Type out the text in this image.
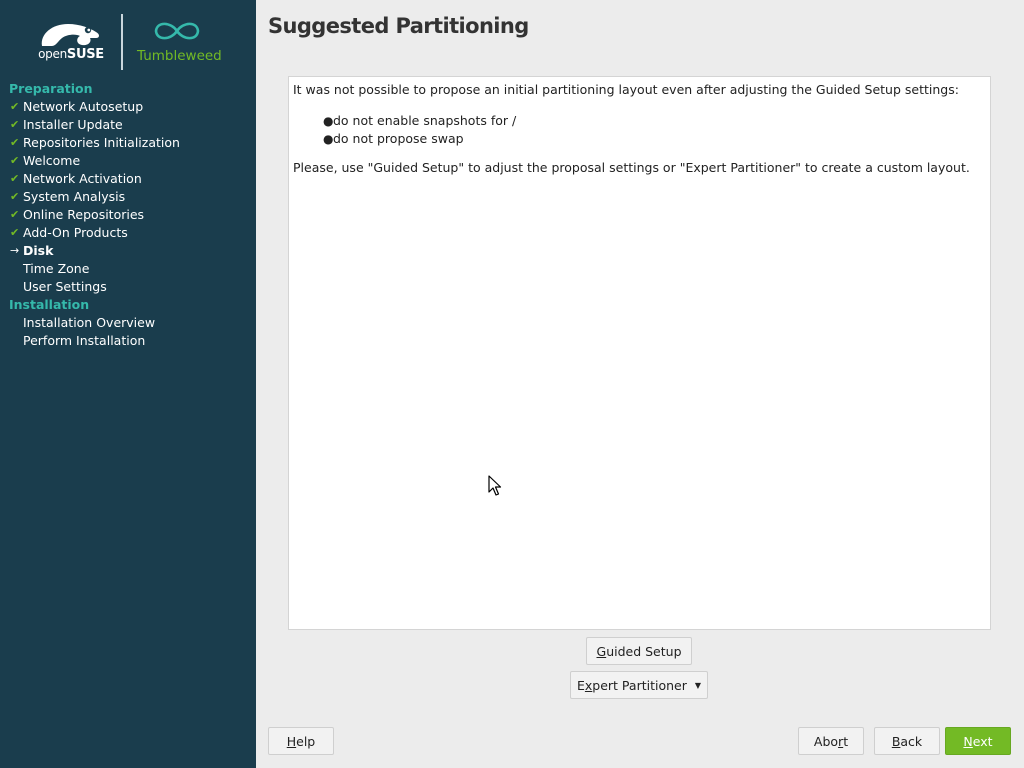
openSUSE Tumbleweed
Preparation
✔ Network Autosetup
✔ Installer Update
✔ Repositories Initialization
✔ Welcome
✔ Network Activation
✔ System Analysis
✔ Online Repositories
✔ Add-On Products
→ Disk
Time Zone
User Settings
Installation
Installation Overview
Perform Installation
Suggested Partitioning

It was not possible to propose an initial partitioning layout even after adjusting the Guided Setup settings:

● do not enable snapshots for /
● do not propose swap

Please, use "Guided Setup" to adjust the proposal settings or "Expert Partitioner" to create a custom layout.

Guided Setup
Expert Partitioner ▼
Help	Abort	Back	Next
